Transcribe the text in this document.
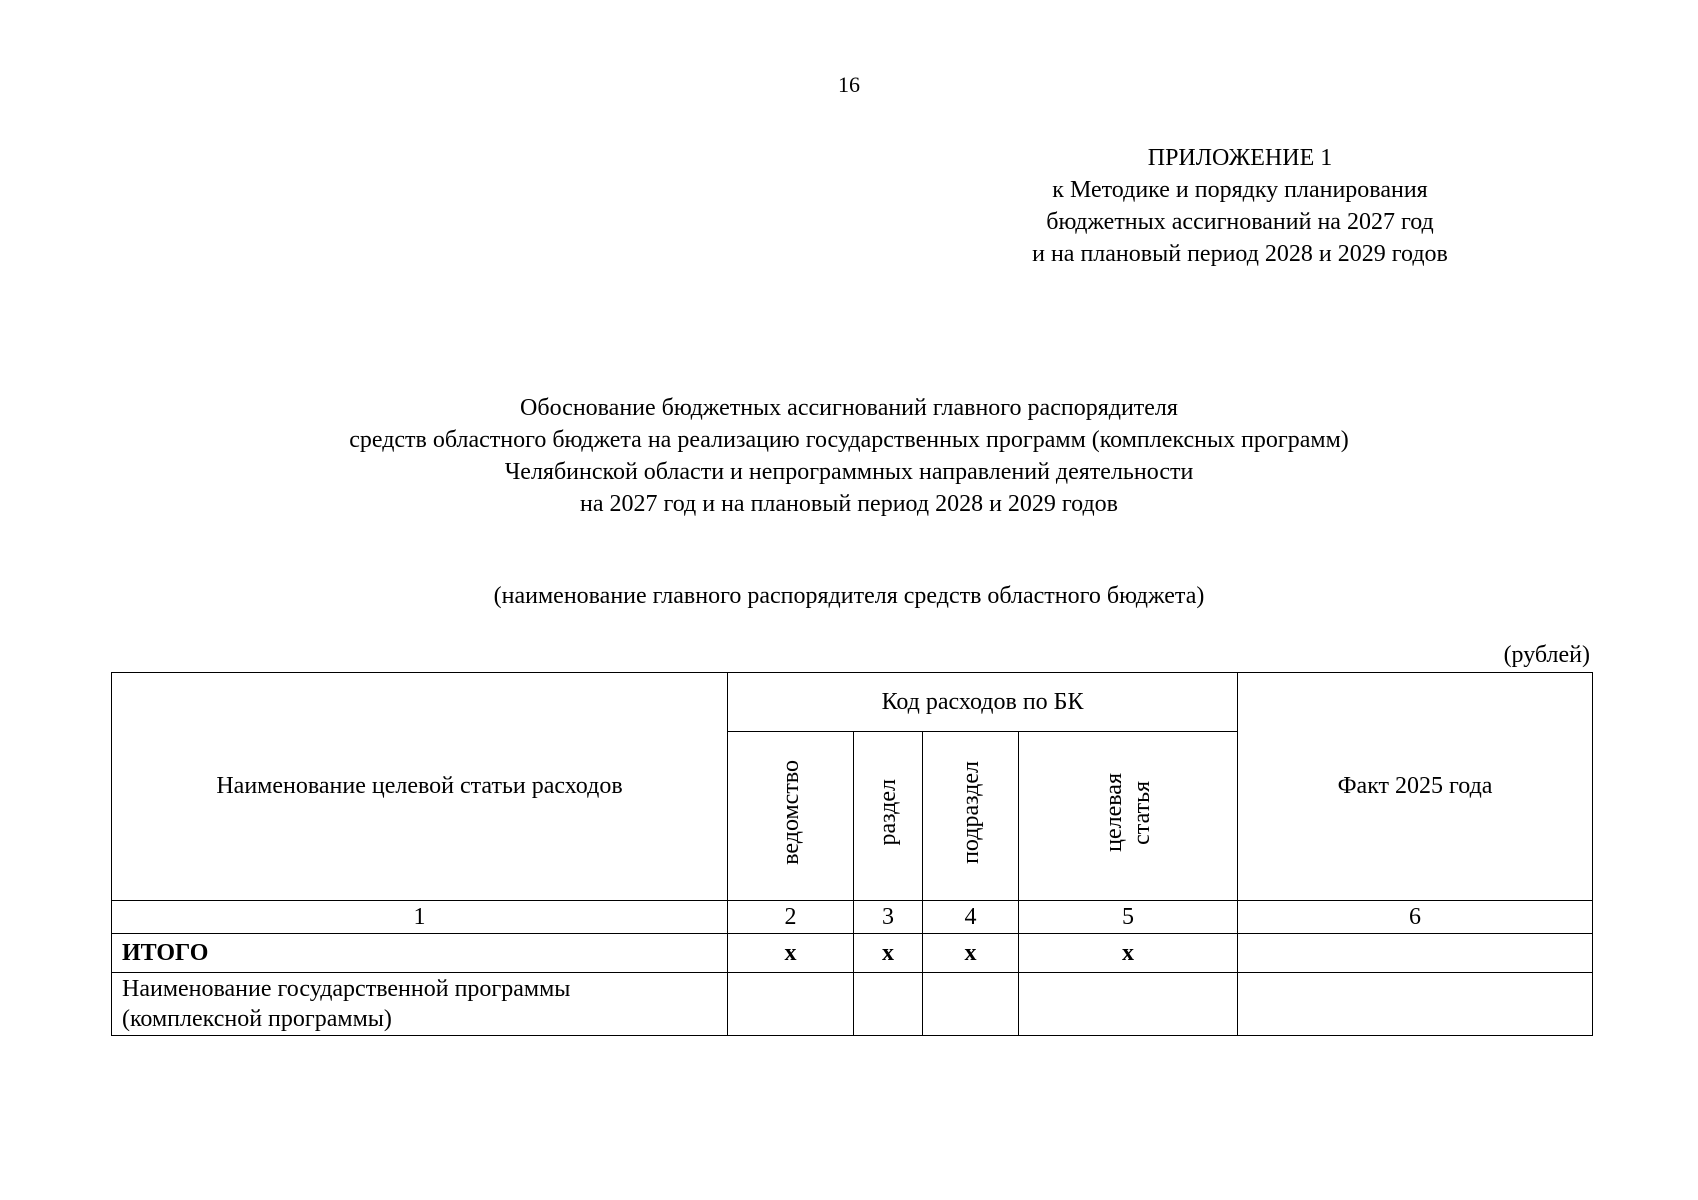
16
ПРИЛОЖЕНИЕ 1
к Методике и порядку планирования
бюджетных ассигнований на 2027 год
и на плановый период 2028 и 2029 годов
Обоснование бюджетных ассигнований главного распорядителя
средств областного бюджета на реализацию государственных программ (комплексных программ)
Челябинской области и непрограммных направлений деятельности
на 2027 год и на плановый период 2028 и 2029 годов
(наименование главного распорядителя средств областного бюджета)
(рублей)
Наименование целевой статьи расходов	Код расходов по БК				Факт 2025 года
	ведомство	раздел	подраздел	целевая
статья	
1	2	3	4	5	6
ИТОГО	х	х	х	х	
Наименование государственной программы
(комплексной программы)					
